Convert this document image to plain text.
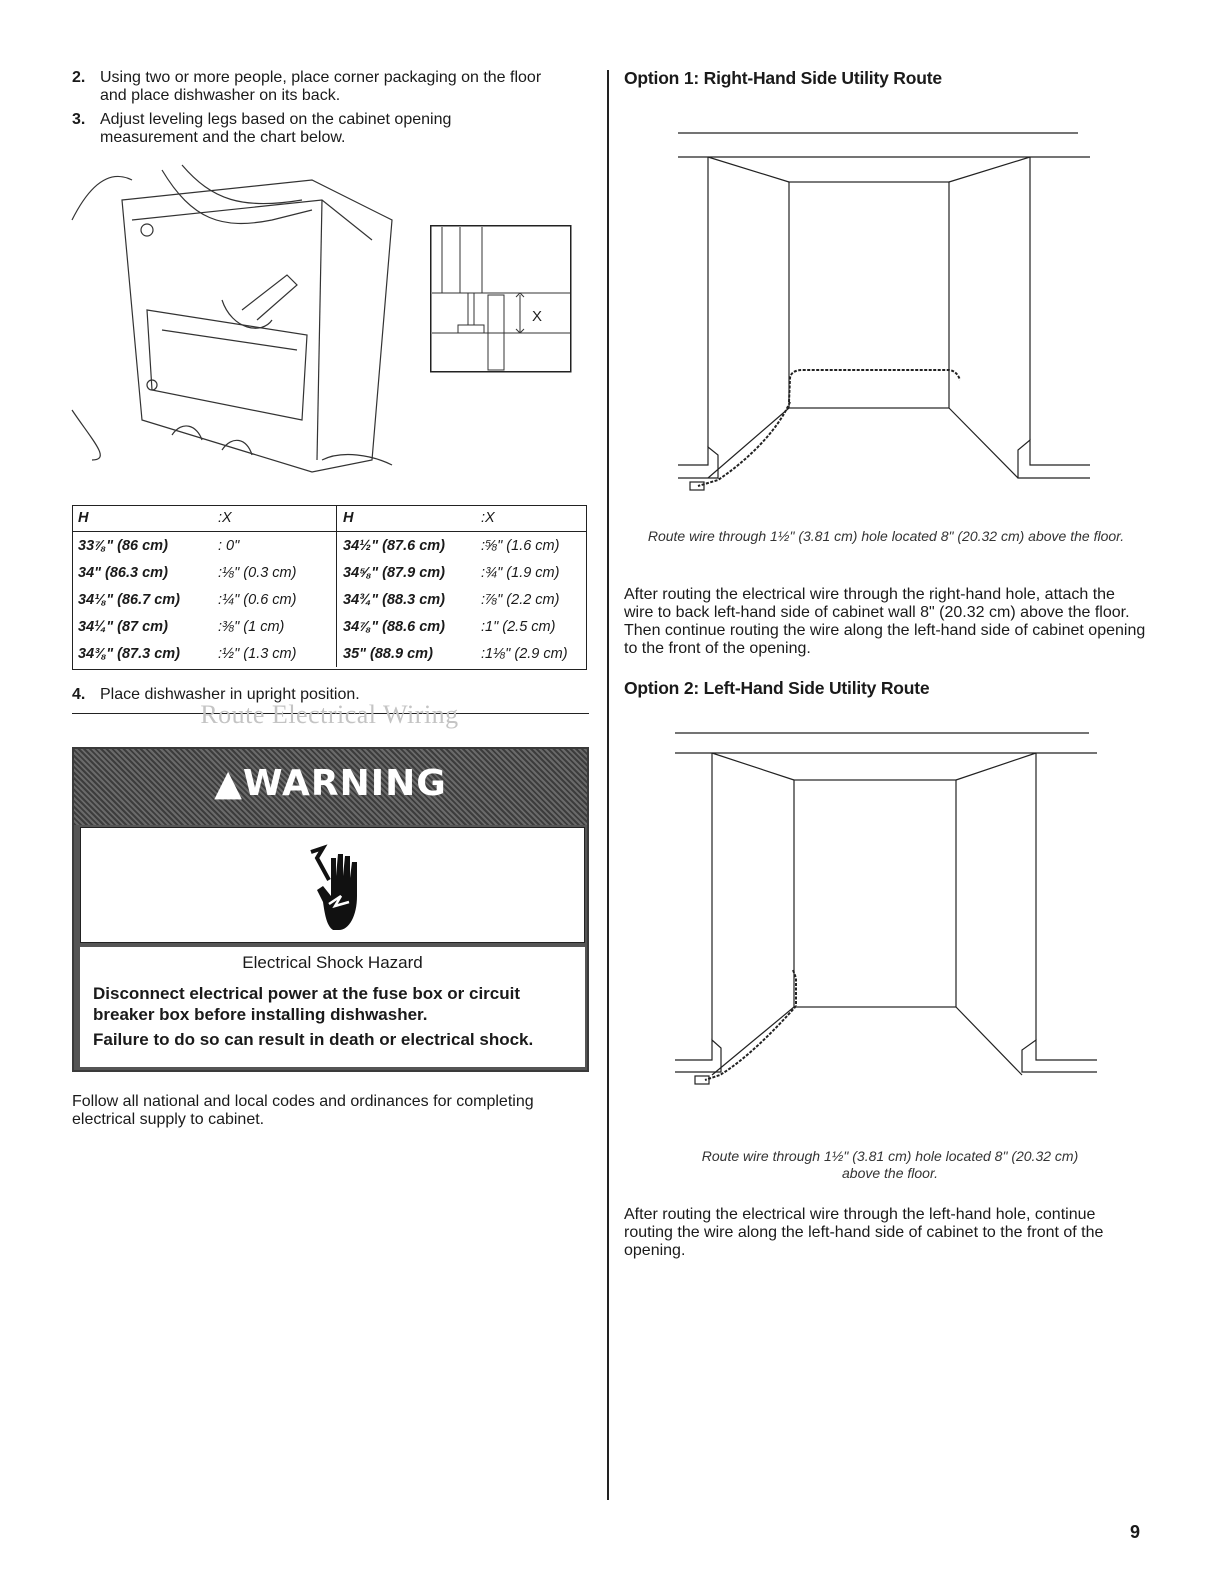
2. Using two or more people, place corner packaging on the floor and place dishwasher on its back.
3. Adjust leveling legs based on the cabinet opening measurement and the chart below.
X
H	:X	H	:X
33⅞" (86 cm)	: 0"	34½" (87.6 cm)	:⅝" (1.6 cm)
34" (86.3 cm)	:⅛" (0.3 cm)	34⅝" (87.9 cm)	:¾" (1.9 cm)
34⅛" (86.7 cm)	:¼" (0.6 cm)	34¾" (88.3 cm)	:⅞" (2.2 cm)
34¼" (87 cm)	:⅜" (1 cm)	34⅞" (88.6 cm)	:1" (2.5 cm)
34⅜" (87.3 cm)	:½" (1.3 cm)	35" (88.9 cm)	:1⅛" (2.9 cm)
4. Place dishwasher in upright position.
Route Electrical Wiring
▲WARNING
Electrical Shock Hazard
Disconnect electrical power at the fuse box or circuit breaker box before installing dishwasher.
Failure to do so can result in death or electrical shock.
Follow all national and local codes and ordinances for completing electrical supply to cabinet.
Option 1: Right-Hand Side Utility Route
Route wire through 1½" (3.81 cm) hole located 8" (20.32 cm) above the floor.
After routing the electrical wire through the right-hand hole, attach the wire to back left-hand side of cabinet wall 8" (20.32 cm) above the floor. Then continue routing the wire along the left-hand side of cabinet opening to the front of the opening.
Option 2: Left-Hand Side Utility Route
Route wire through 1½" (3.81 cm) hole located 8" (20.32 cm) above the floor.
After routing the electrical wire through the left-hand hole, continue routing the wire along the left-hand side of cabinet to the front of the opening.
9
